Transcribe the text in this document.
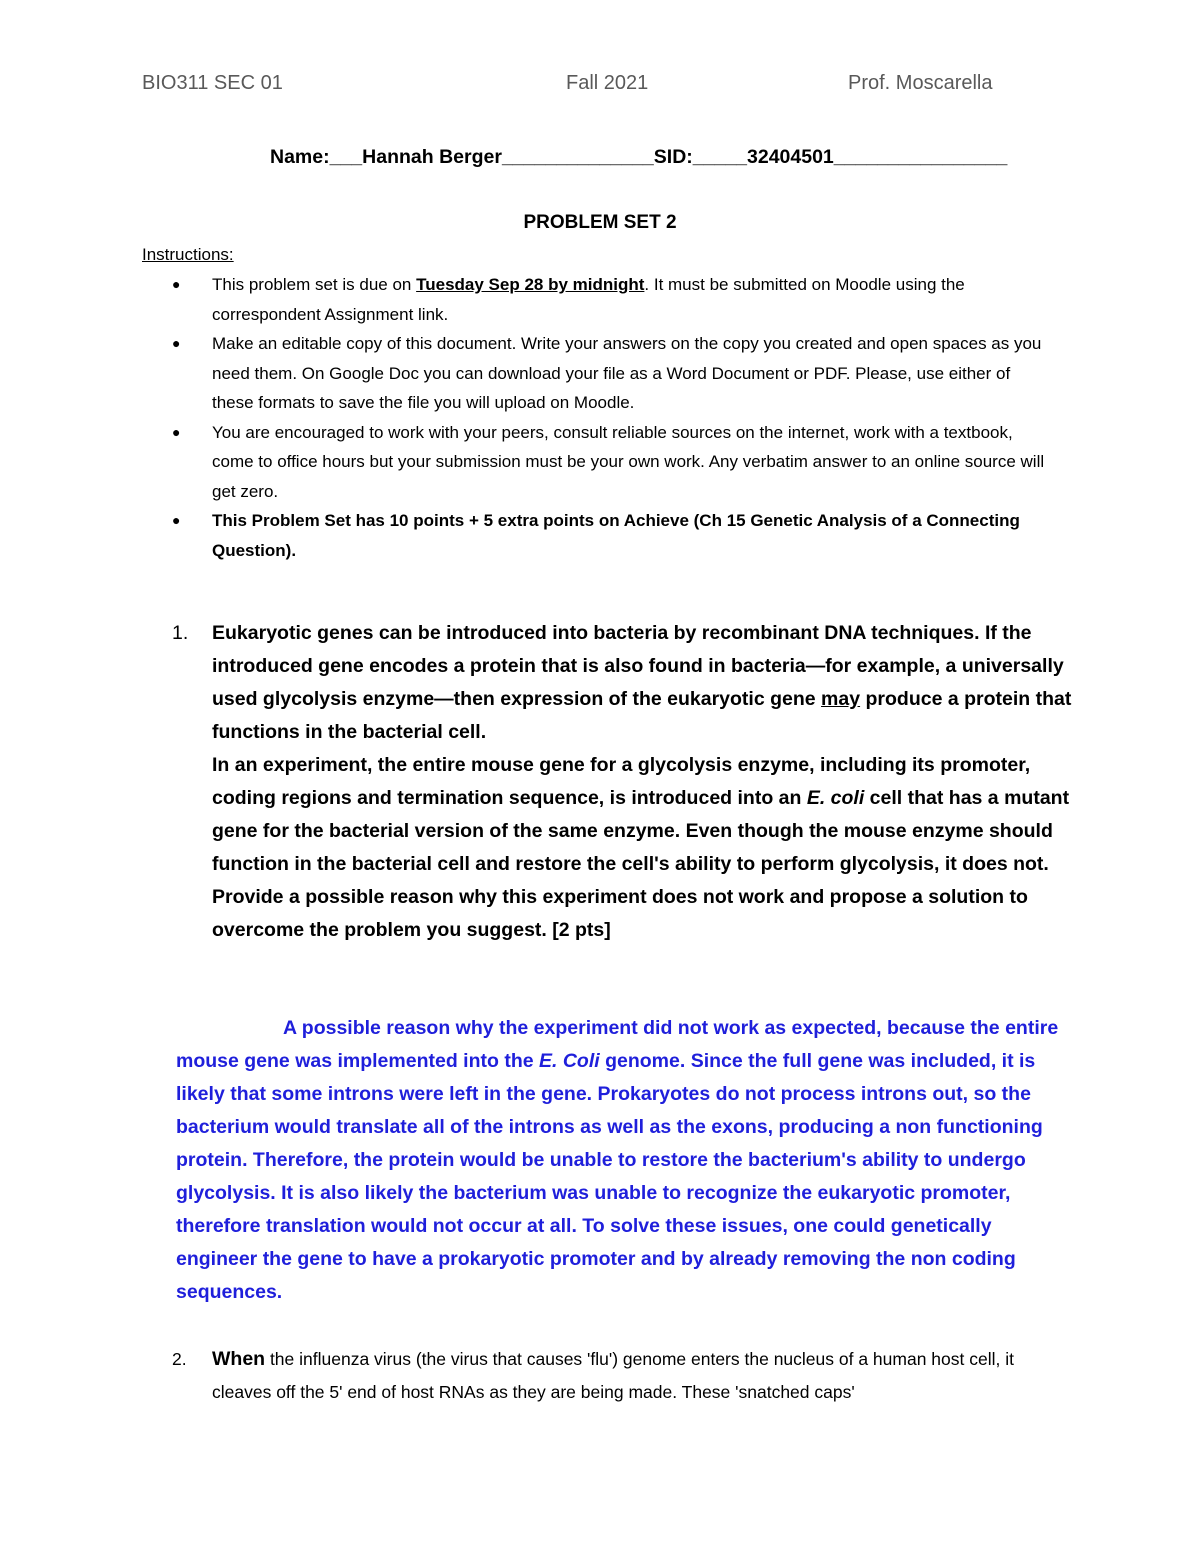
BIO311 SEC 01	Fall 2021	Prof. Moscarella
Name:___Hannah Berger______________SID:_____32404501________________
PROBLEM SET 2
Instructions:
● This problem set is due on Tuesday Sep 28 by midnight. It must be submitted on Moodle using the correspondent Assignment link.
● Make an editable copy of this document. Write your answers on the copy you created and open spaces as you need them. On Google Doc you can download your file as a Word Document or PDF. Please, use either of these formats to save the file you will upload on Moodle.
● You are encouraged to work with your peers, consult reliable sources on the internet, work with a textbook, come to office hours but your submission must be your own work. Any verbatim answer to an online source will get zero.
● This Problem Set has 10 points + 5 extra points on Achieve (Ch 15 Genetic Analysis of a Connecting Question).
1. Eukaryotic genes can be introduced into bacteria by recombinant DNA techniques. If the introduced gene encodes a protein that is also found in bacteria—for example, a universally used glycolysis enzyme—then expression of the eukaryotic gene may produce a protein that functions in the bacterial cell.

In an experiment, the entire mouse gene for a glycolysis enzyme, including its promoter, coding regions and termination sequence, is introduced into an E. coli cell that has a mutant gene for the bacterial version of the same enzyme. Even though the mouse enzyme should function in the bacterial cell and restore the cell's ability to perform glycolysis, it does not.

Provide a possible reason why this experiment does not work and propose a solution to overcome the problem you suggest. [2 pts]

A possible reason why the experiment did not work as expected, because the entire mouse gene was implemented into the E. Coli genome. Since the full gene was included, it is likely that some introns were left in the gene. Prokaryotes do not process introns out, so the bacterium would translate all of the introns as well as the exons, producing a non functioning protein. Therefore, the protein would be unable to restore the bacterium's ability to undergo glycolysis. It is also likely the bacterium was unable to recognize the eukaryotic promoter, therefore translation would not occur at all. To solve these issues, one could genetically engineer the gene to have a prokaryotic promoter and by already removing the non coding sequences.
2. When the influenza virus (the virus that causes 'flu') genome enters the nucleus of a human host cell, it cleaves off the 5' end of host RNAs as they are being made. These 'snatched caps'
